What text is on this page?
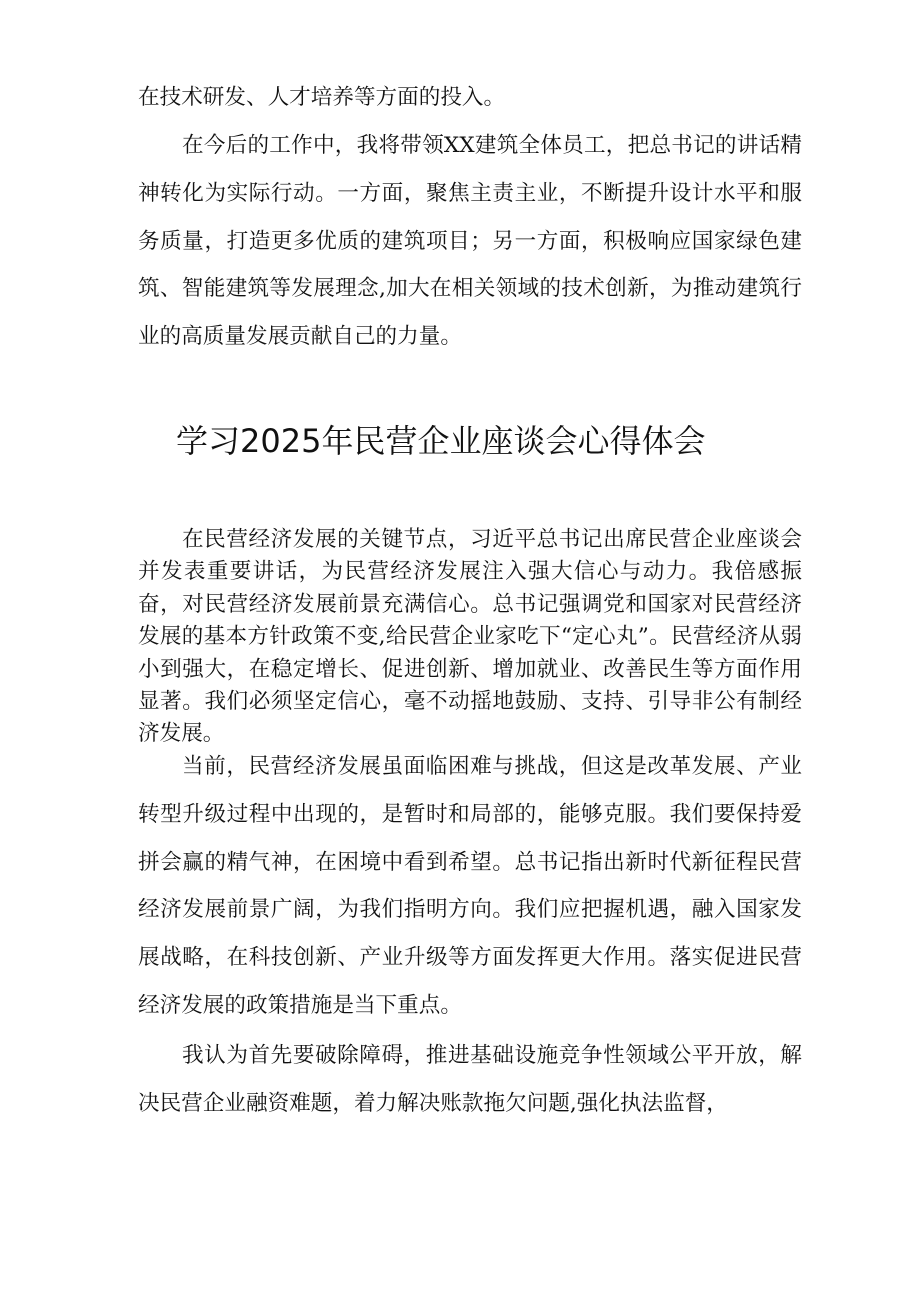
在技术研发、人才培养等方面的投入。

在今后的工作中，我将带领XX建筑全体员工，把总书记的讲话精神转化为实际行动。一方面，聚焦主责主业，不断提升设计水平和服务质量，打造更多优质的建筑项目；另一方面，积极响应国家绿色建筑、智能建筑等发展理念,加大在相关领域的技术创新，为推动建筑行业的高质量发展贡献自己的力量。

学习2025年民营企业座谈会心得体会

在民营经济发展的关键节点，习近平总书记出席民营企业座谈会并发表重要讲话，为民营经济发展注入强大信心与动力。我倍感振奋，对民营经济发展前景充满信心。总书记强调党和国家对民营经济发展的基本方针政策不变,给民营企业家吃下“定心丸”。民营经济从弱小到强大，在稳定增长、促进创新、增加就业、改善民生等方面作用显著。我们必须坚定信心，毫不动摇地鼓励、支持、引导非公有制经济发展。

当前，民营经济发展虽面临困难与挑战，但这是改革发展、产业转型升级过程中出现的，是暂时和局部的，能够克服。我们要保持爱拼会赢的精气神，在困境中看到希望。总书记指出新时代新征程民营经济发展前景广阔，为我们指明方向。我们应把握机遇，融入国家发展战略，在科技创新、产业升级等方面发挥更大作用。落实促进民营经济发展的政策措施是当下重点。

我认为首先要破除障碍，推进基础设施竞争性领域公平开放，解决民营企业融资难题，着力解决账款拖欠问题,强化执法监督，
